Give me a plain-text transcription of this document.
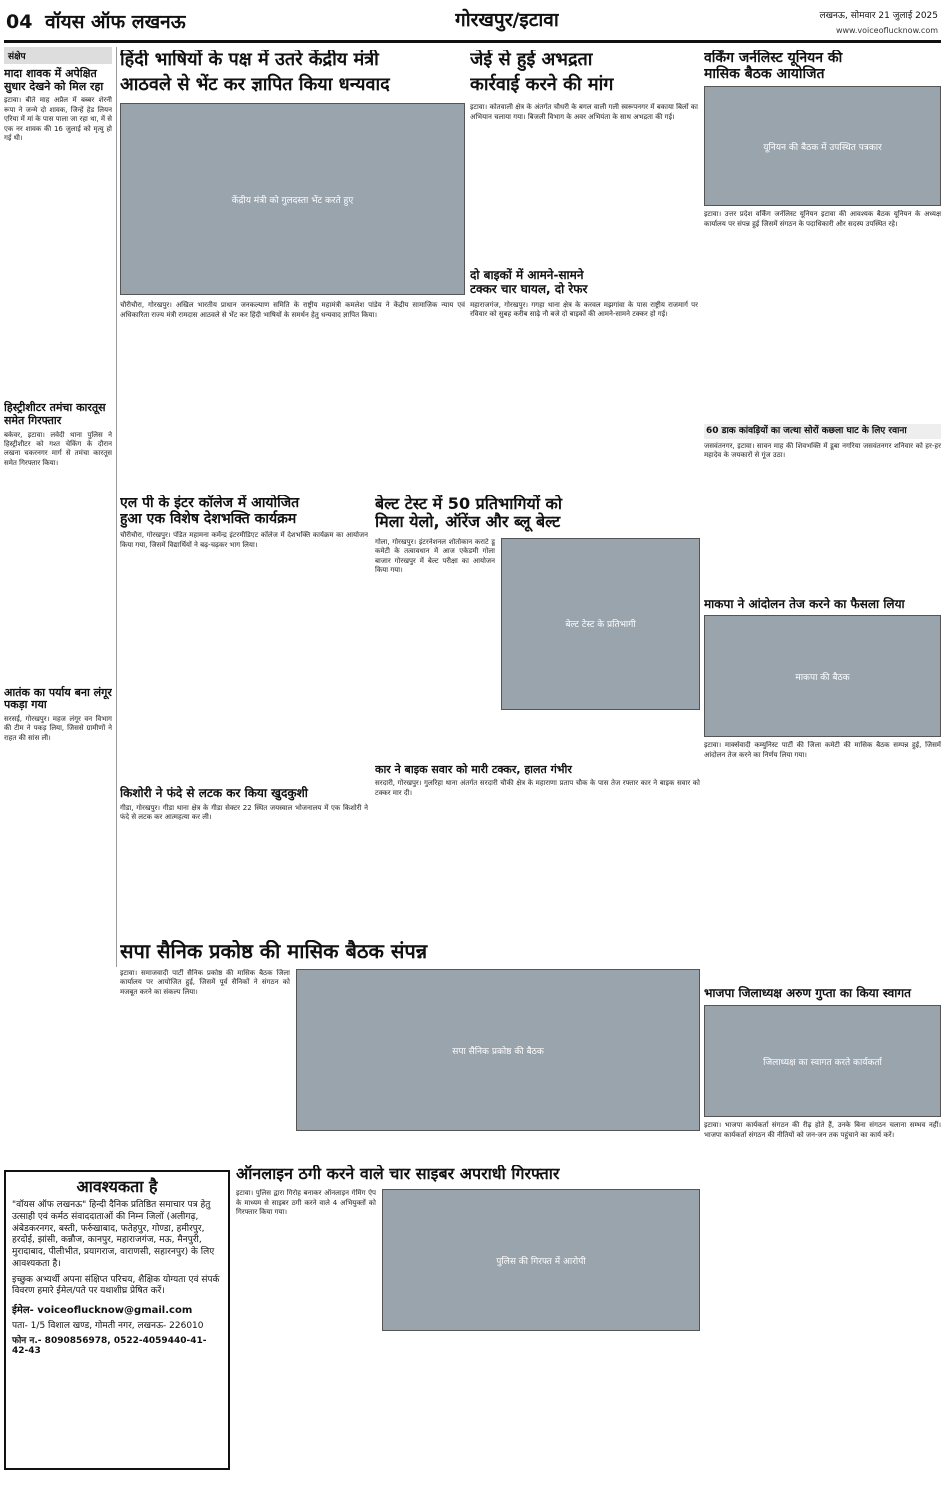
04 वॉयस ऑफ लखनऊ	गोरखपुर/इटावा	लखनऊ, सोमवार 21 जुलाई 2025
www.voiceoflucknow.com
संक्षेप
मादा शावक में अपेक्षित सुधार देखने को मिल रहा
इटावा। बीते माह अप्रैल में बब्बर शेरनी रूपा ने जन्मे दो शावक, जिन्हें हेड लियन एरिया में मां के पास पाला जा रहा था, में से एक नर शावक की 16 जुलाई को मृत्यु हो गई थी।
हिस्ट्रीशीटर तमंचा कारतूस समेत गिरफ्तार
बकेवर, इटावा। लवेदी थाना पुलिस ने हिस्ट्रीशीटर को गश्त चेकिंग के दौरान लखना चकरनगर मार्ग से तमंचा कारतूस समेत गिरफ्तार किया।
आतंक का पर्याय बना लंगूर पकड़ा गया
सरसई, गोरखपुर। महज लंगूर वन विभाग की टीम ने पकड़ लिया, जिससे ग्रामीणों ने राहत की सांस ली।
हिंदी भाषियों के पक्ष में उतरे केंद्रीय मंत्री
आठवले से भेंट कर ज्ञापित किया धन्यवाद
केंद्रीय मंत्री को गुलदस्ता भेंट करते हुए
चौरीचौरा, गोरखपुर। अखिल भारतीय प्राधान जनकल्याण समिति के राष्ट्रीय महामंत्री कमलेश पांडेय ने केंद्रीय सामाजिक न्याय एवं अधिकारिता राज्य मंत्री रामदास आठवले से भेंट कर हिंदी भाषियों के समर्थन हेतु धन्यवाद ज्ञापित किया।
जेई से हुई अभद्रता
कार्रवाई करने की मांग
इटावा। कोतवाली क्षेत्र के अंतर्गत चौधरी के बगल वाली गली स्वरूपनगर में बकाया बिलों का अभियान चलाया गया। बिजली विभाग के अवर अभियंता के साथ अभद्रता की गई।
दो बाइकों में आमने-सामने
टक्कर चार घायल, दो रेफर
महाराजगंज, गोरखपुर। गगहा थाना क्षेत्र के करवल मझगांवा के पास राष्ट्रीय राजमार्ग पर रविवार को सुबह करीब साढ़े नौ बजे दो बाइकों की आमने-सामने टक्कर हो गई।
वर्किंग जर्नलिस्ट यूनियन की
मासिक बैठक आयोजित
यूनियन की बैठक में उपस्थित पत्रकार
इटावा। उत्तर प्रदेश वर्किंग जर्नलिस्ट यूनियन इटावा की आवश्यक बैठक यूनियन के अध्यक्ष कार्यालय पर संपन्न हुई जिसमें संगठन के पदाधिकारी और सदस्य उपस्थित रहे।
60 डाक कांवड़ियों का जत्था सोरों कछला घाट के लिए रवाना
जसवंतनगर, इटावा। सावन माह की शिवभक्ति में डूबा नगरिया जसवंतनगर शनिवार को हर-हर महादेव के जयकारों से गूंज उठा।
माकपा ने आंदोलन तेज करने का फैसला लिया
माकपा की बैठक
इटावा। मार्क्सवादी कम्युनिस्ट पार्टी की जिला कमेटी की मासिक बैठक सम्पन्न हुई, जिसमें आंदोलन तेज करने का निर्णय लिया गया।
भाजपा जिलाध्यक्ष अरुण गुप्ता का किया स्वागत
जिलाध्यक्ष का स्वागत करते कार्यकर्ता
इटावा। भाजपा कार्यकर्ता संगठन की रीढ़ होते हैं, उनके बिना संगठन चलाना सम्भव नहीं। भाजपा कार्यकर्ता संगठन की नीतियों को जन-जन तक पहुंचाने का कार्य करें।
एल पी के इंटर कॉलेज में आयोजित
हुआ एक विशेष देशभक्ति कार्यक्रम
चौरीचौरा, गोरखपुर। पंडित महामना कर्मेन्द्र इंटरमीडिएट कॉलेज में देशभक्ति कार्यक्रम का आयोजन किया गया, जिसमें विद्यार्थियों ने बढ़-चढ़कर भाग लिया।
किशोरी ने फंदे से लटक कर किया खुदकुशी
गीडा, गोरखपुर। गीडा थाना क्षेत्र के गीडा सेक्टर 22 स्थित जयस्वाल भोजनालय में एक किशोरी ने फंदे से लटक कर आत्महत्या कर ली।
बेल्ट टेस्ट में 50 प्रतिभागियों को
मिला येलो, ऑरेंज और ब्लू बेल्ट
गोला, गोरखपुर। इंटरनेशनल शोतोकान कराटे डू कमेटी के तत्वावधान में आज एकेडमी गोला बाजार गोरखपुर में बेल्ट परीक्षा का आयोजन किया गया।
बेल्ट टेस्ट के प्रतिभागी
कार ने बाइक सवार को मारी टक्कर, हालत गंभीर
सरदारी, गोरखपुर। गुलरिहा थाना अंतर्गत सरदारी चौकी क्षेत्र के महाराणा प्रताप चौक के पास तेज रफ्तार कार ने बाइक सवार को टक्कर मार दी।
सपा सैनिक प्रकोष्ठ की मासिक बैठक संपन्न
इटावा। समाजवादी पार्टी सैनिक प्रकोष्ठ की मासिक बैठक जिला कार्यालय पर आयोजित हुई, जिसमें पूर्व सैनिकों ने संगठन को मजबूत करने का संकल्प लिया।
सपा सैनिक प्रकोष्ठ की बैठक
आवश्यकता है
"वॉयस ऑफ लखनऊ" हिन्दी दैनिक प्रतिष्ठित समाचार पत्र हेतु उत्साही एवं कर्मठ संवाददाताओं की निम्न जिलों (अलीगढ़, अंबेडकरनगर, बस्ती, फर्रुखाबाद, फतेहपुर, गोण्डा, हमीरपुर, हरदोई, झांसी, कन्नौज, कानपुर, महाराजगंज, मऊ, मैनपुरी, मुरादाबाद, पीलीभीत, प्रयागराज, वाराणसी, सहारनपुर) के लिए आवश्यकता है।
इच्छुक अभ्यर्थी अपना संक्षिप्त परिचय, शैक्षिक योग्यता एवं संपर्क विवरण हमारे ईमेल/पते पर यथाशीघ्र प्रेषित करें।
ईमेल- voiceoflucknow@gmail.com
पता- 1/5 विशाल खण्ड, गोमती नगर, लखनऊ- 226010
फोन न.- 8090856978, 0522-4059440-41-42-43
ऑनलाइन ठगी करने वाले चार साइबर अपराधी गिरफ्तार
इटावा। पुलिस द्वारा गिरोह बनाकर ऑनलाइन गेमिंग ऐप के माध्यम से साइबर ठगी करने वाले 4 अभियुक्तों को गिरफ्तार किया गया।
पुलिस की गिरफ्त में आरोपी
